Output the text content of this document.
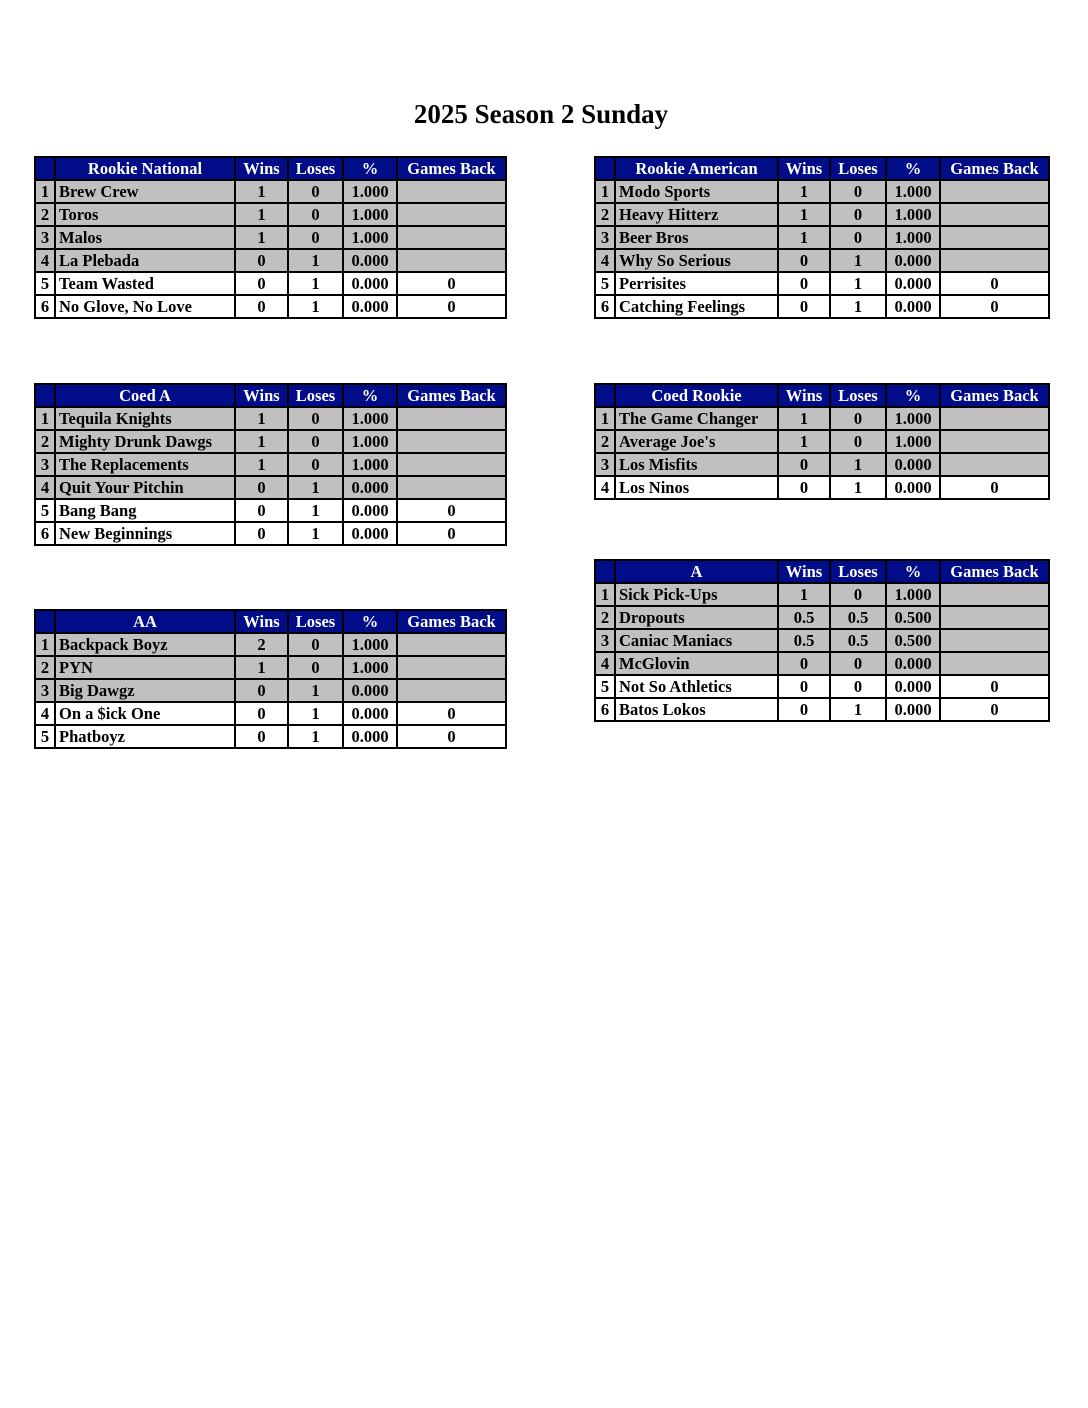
2025 Season 2 Sunday
	Rookie National	Wins	Loses	%	Games Back
1	Brew Crew	1	0	1.000	
2	Toros	1	0	1.000	
3	Malos	1	0	1.000	
4	La Plebada	0	1	0.000	
5	Team Wasted	0	1	0.000	0
6	No Glove, No Love	0	1	0.000	0
	Rookie American	Wins	Loses	%	Games Back
1	Modo Sports	1	0	1.000	
2	Heavy Hitterz	1	0	1.000	
3	Beer Bros	1	0	1.000	
4	Why So Serious	0	1	0.000	
5	Perrisites	0	1	0.000	0
6	Catching Feelings	0	1	0.000	0
	Coed A	Wins	Loses	%	Games Back
1	Tequila Knights	1	0	1.000	
2	Mighty Drunk Dawgs	1	0	1.000	
3	The Replacements	1	0	1.000	
4	Quit Your Pitchin	0	1	0.000	
5	Bang Bang	0	1	0.000	0
6	New Beginnings	0	1	0.000	0
	Coed Rookie	Wins	Loses	%	Games Back
1	The Game Changer	1	0	1.000	
2	Average Joe's	1	0	1.000	
3	Los Misfits	0	1	0.000	
4	Los Ninos	0	1	0.000	0
	AA	Wins	Loses	%	Games Back
1	Backpack Boyz	2	0	1.000	
2	PYN	1	0	1.000	
3	Big Dawgz	0	1	0.000	
4	On a $ick One	0	1	0.000	0
5	Phatboyz	0	1	0.000	0
	A	Wins	Loses	%	Games Back
1	Sick Pick-Ups	1	0	1.000	
2	Dropouts	0.5	0.5	0.500	
3	Caniac Maniacs	0.5	0.5	0.500	
4	McGlovin	0	0	0.000	
5	Not So Athletics	0	0	0.000	0
6	Batos Lokos	0	1	0.000	0
